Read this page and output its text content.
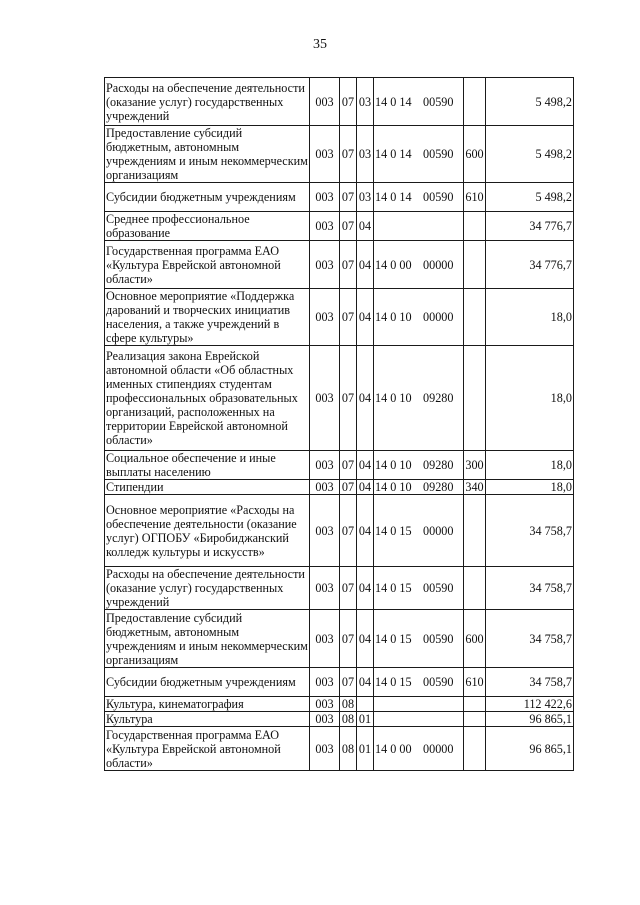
35
Расходы на обеспечение деятельности (оказание услуг) государственных учреждений	003	07	03	14 0 14 00590		5 498,2
Предоставление субсидий бюджетным, автономным учреждениям и иным некоммерческим организациям	003	07	03	14 0 14 00590	600	5 498,2
Субсидии бюджетным учреждениям	003	07	03	14 0 14 00590	610	5 498,2
Среднее профессиональное образование	003	07	04			34 776,7
Государственная программа ЕАО «Культура Еврейской автономной области»	003	07	04	14 0 00 00000		34 776,7
Основное мероприятие «Поддержка дарований и творческих инициатив населения, а также учреждений в сфере культуры»	003	07	04	14 0 10 00000		18,0
Реализация закона Еврейской автономной области «Об областных именных стипендиях студентам профессиональных образовательных организаций, расположенных на территории Еврейской автономной области»	003	07	04	14 0 10 09280		18,0
Социальное обеспечение и иные выплаты населению	003	07	04	14 0 10 09280	300	18,0
Стипендии	003	07	04	14 0 10 09280	340	18,0
Основное мероприятие «Расходы на обеспечение деятельности (оказание услуг) ОГПОБУ «Биробиджанский колледж культуры и искусств»	003	07	04	14 0 15 00000		34 758,7
Расходы на обеспечение деятельности (оказание услуг) государственных учреждений	003	07	04	14 0 15 00590		34 758,7
Предоставление субсидий бюджетным, автономным учреждениям и иным некоммерческим организациям	003	07	04	14 0 15 00590	600	34 758,7
Субсидии бюджетным учреждениям	003	07	04	14 0 15 00590	610	34 758,7
Культура, кинематография	003	08				112 422,6
Культура	003	08	01			96 865,1
Государственная программа ЕАО «Культура Еврейской автономной области»	003	08	01	14 0 00 00000		96 865,1
